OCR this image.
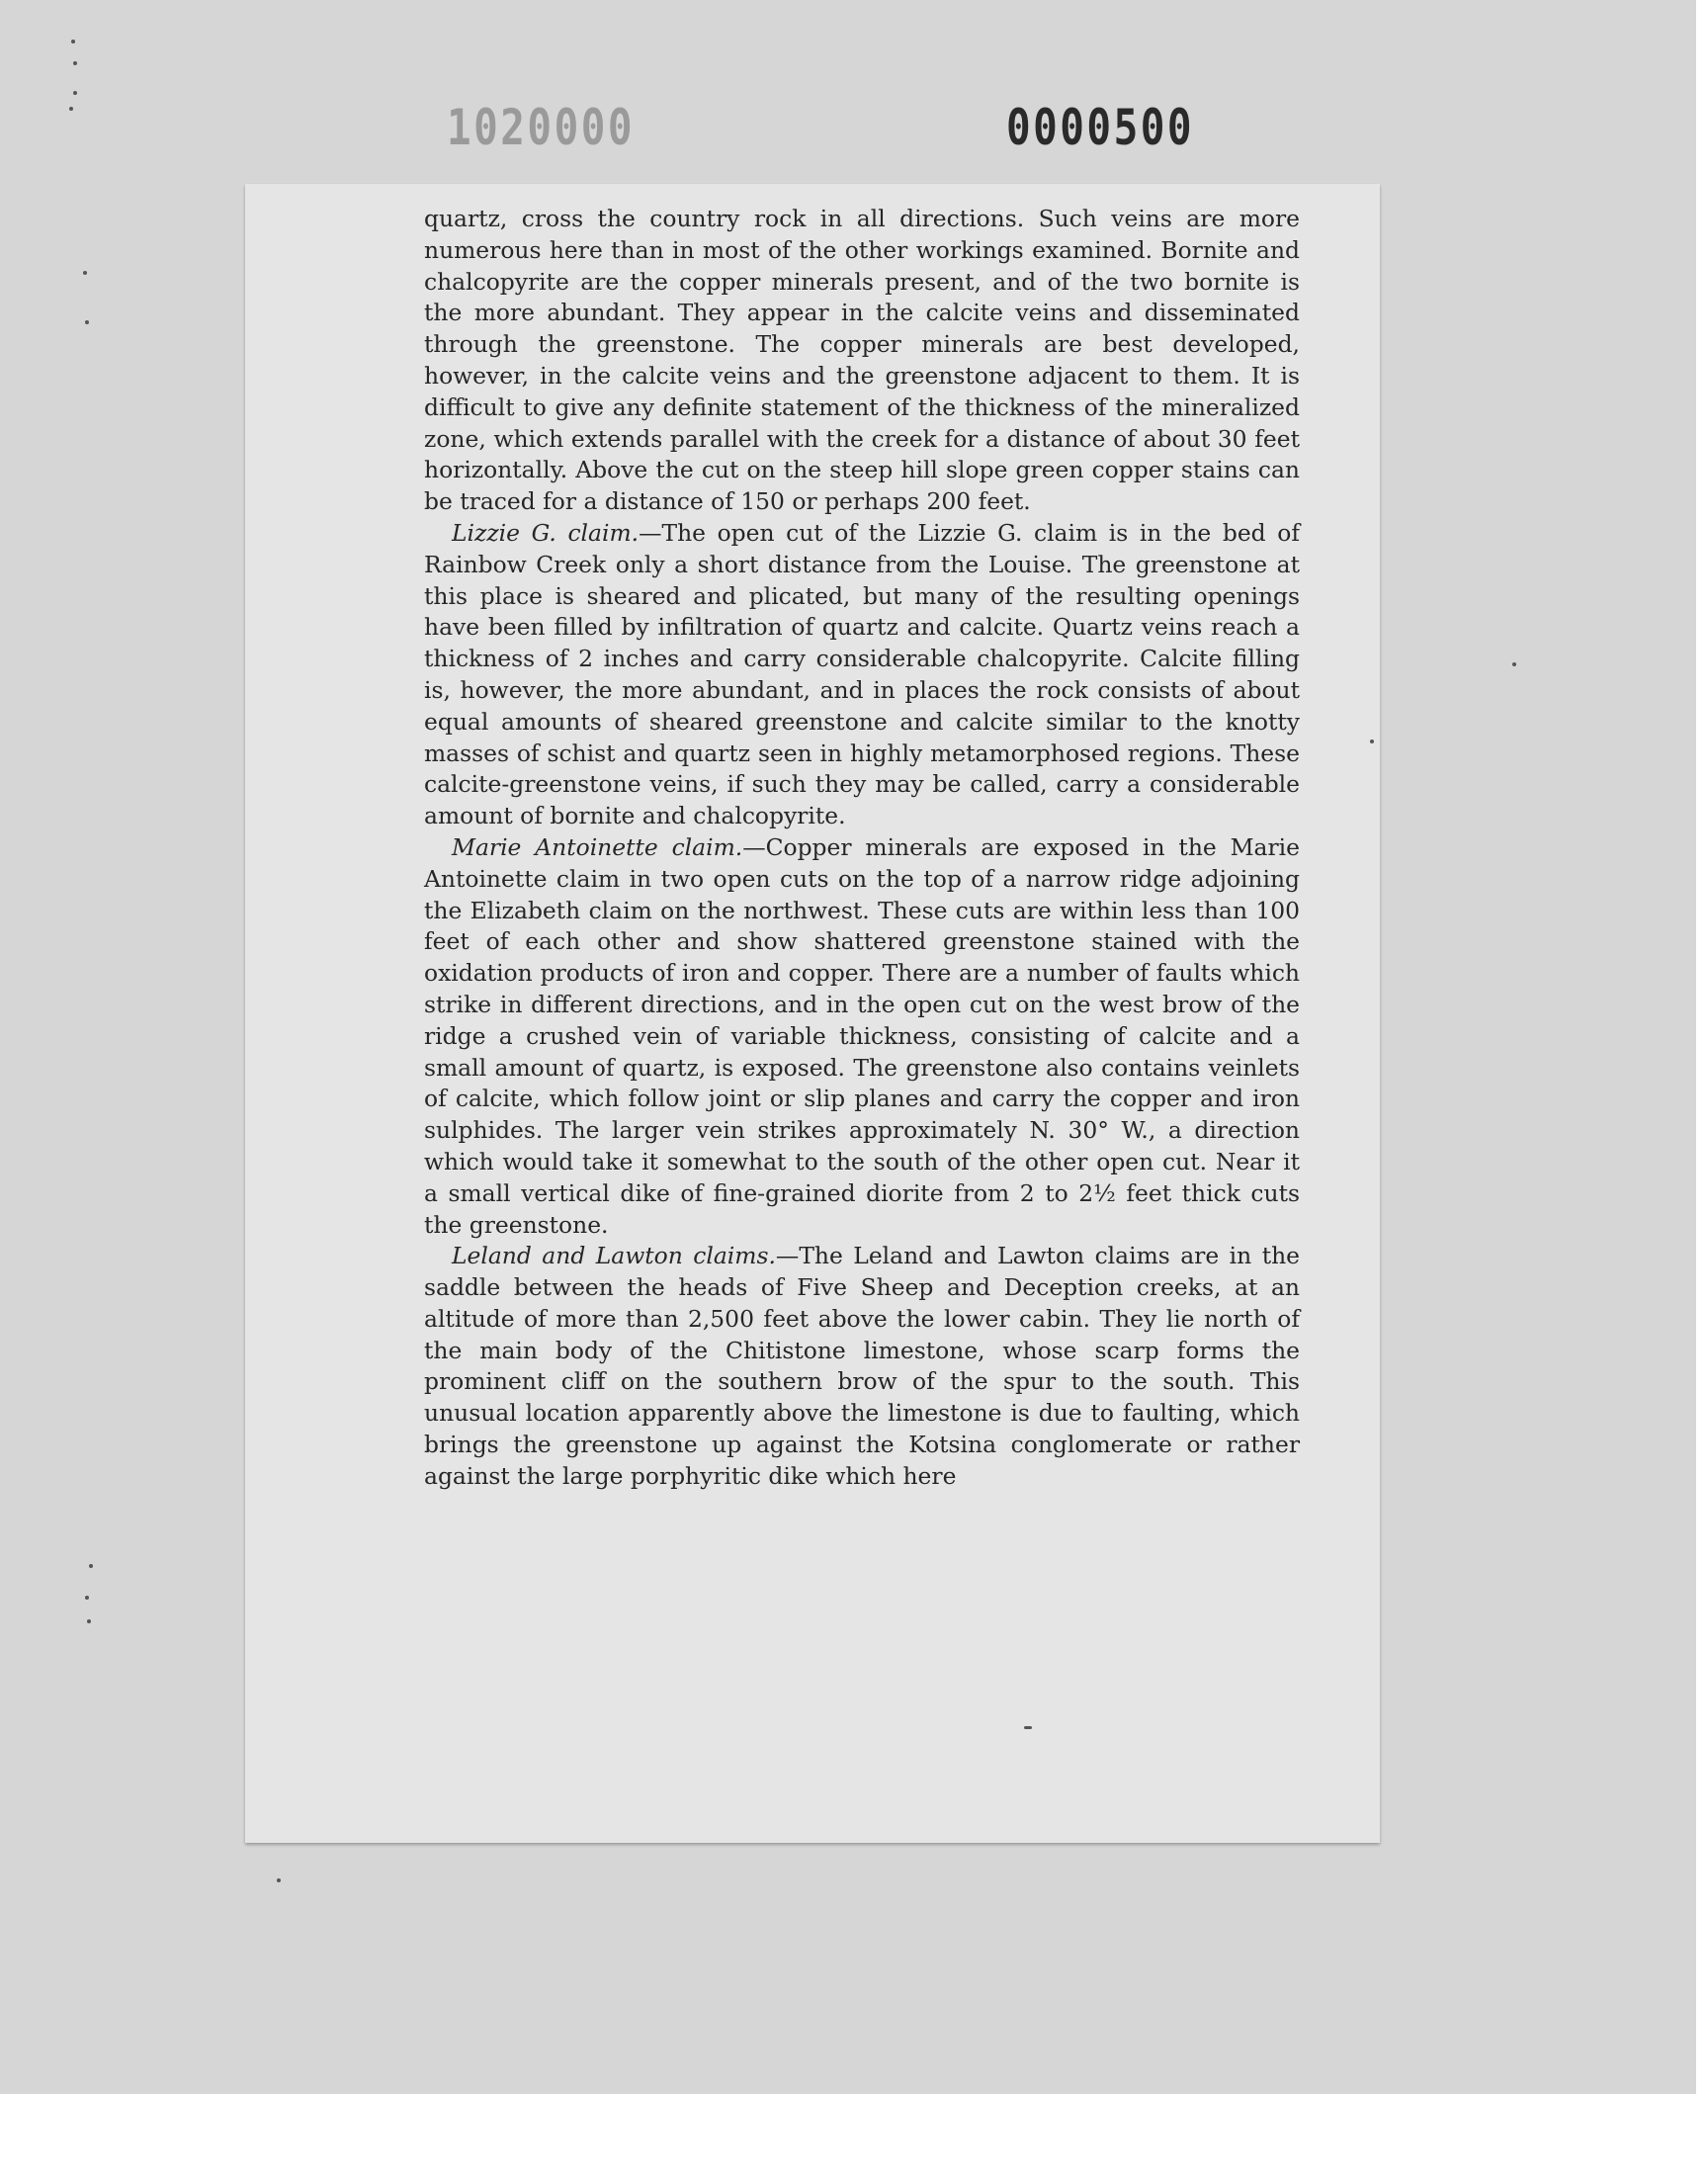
1020000	0000500

quartz, cross the country rock in all directions. Such veins are more numerous here than in most of the other workings examined. Bornite and chalcopyrite are the copper minerals present, and of the two bornite is the more abundant. They appear in the calcite veins and disseminated through the greenstone. The copper minerals are best developed, however, in the calcite veins and the greenstone adjacent to them. It is difficult to give any definite statement of the thickness of the mineralized zone, which extends parallel with the creek for a distance of about 30 feet horizontally. Above the cut on the steep hill slope green copper stains can be traced for a distance of 150 or perhaps 200 feet.

Lizzie G. claim.—The open cut of the Lizzie G. claim is in the bed of Rainbow Creek only a short distance from the Louise. The greenstone at this place is sheared and plicated, but many of the resulting openings have been filled by infiltration of quartz and calcite. Quartz veins reach a thickness of 2 inches and carry considerable chalcopyrite. Calcite filling is, however, the more abundant, and in places the rock consists of about equal amounts of sheared greenstone and calcite similar to the knotty masses of schist and quartz seen in highly metamorphosed regions. These calcite-greenstone veins, if such they may be called, carry a considerable amount of bornite and chalcopyrite.

Marie Antoinette claim.—Copper minerals are exposed in the Marie Antoinette claim in two open cuts on the top of a narrow ridge adjoining the Elizabeth claim on the northwest. These cuts are within less than 100 feet of each other and show shattered greenstone stained with the oxidation products of iron and copper. There are a number of faults which strike in different directions, and in the open cut on the west brow of the ridge a crushed vein of variable thickness, consisting of calcite and a small amount of quartz, is exposed. The greenstone also contains veinlets of calcite, which follow joint or slip planes and carry the copper and iron sulphides. The larger vein strikes approximately N. 30° W., a direction which would take it somewhat to the south of the other open cut. Near it a small vertical dike of fine-grained diorite from 2 to 2½ feet thick cuts the greenstone.

Leland and Lawton claims.—The Leland and Lawton claims are in the saddle between the heads of Five Sheep and Deception creeks, at an altitude of more than 2,500 feet above the lower cabin. They lie north of the main body of the Chitistone limestone, whose scarp forms the prominent cliff on the southern brow of the spur to the south. This unusual location apparently above the limestone is due to faulting, which brings the greenstone up against the Kotsina conglomerate or rather against the large porphyritic dike which here
